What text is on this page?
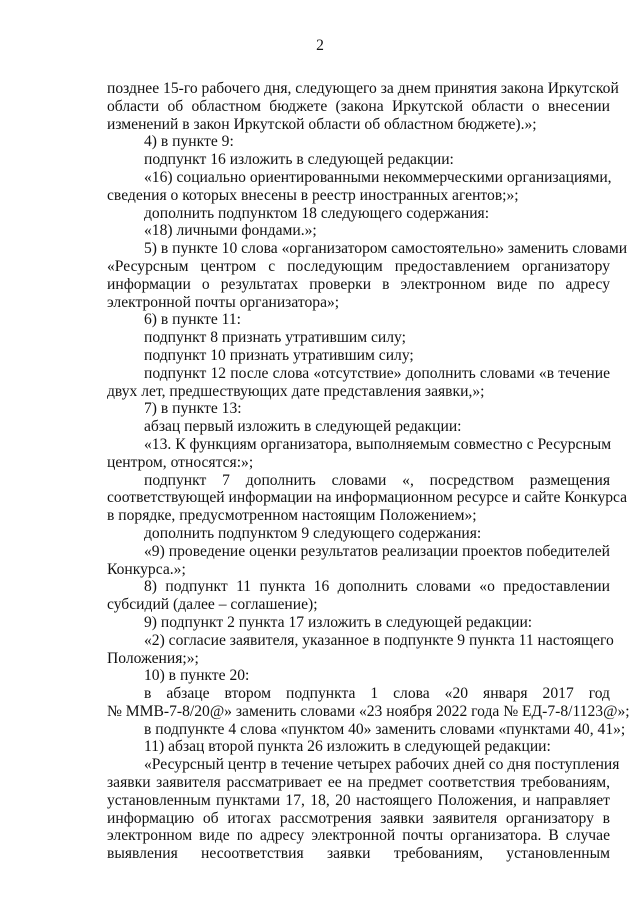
2
позднее 15-го рабочего дня, следующего за днем принятия закона Иркутской
области об областном бюджете (закона Иркутской области о внесении
изменений в закон Иркутской области об областном бюджете).»;
4) в пункте 9:
подпункт 16 изложить в следующей редакции:
«16) социально ориентированными некоммерческими организациями,
сведения о которых внесены в реестр иностранных агентов;»;
дополнить подпунктом 18 следующего содержания:
«18) личными фондами.»;
5) в пункте 10 слова «организатором самостоятельно» заменить словами
«Ресурсным центром с последующим предоставлением организатору
информации о результатах проверки в электронном виде по адресу
электронной почты организатора»;
6) в пункте 11:
подпункт 8 признать утратившим силу;
подпункт 10 признать утратившим силу;
подпункт 12 после слова «отсутствие» дополнить словами «в течение
двух лет, предшествующих дате представления заявки,»;
7) в пункте 13:
абзац первый изложить в следующей редакции:
«13. К функциям организатора, выполняемым совместно с Ресурсным
центром, относятся:»;
подпункт 7 дополнить словами «, посредством размещения
соответствующей информации на информационном ресурсе и сайте Конкурса
в порядке, предусмотренном настоящим Положением»;
дополнить подпунктом 9 следующего содержания:
«9) проведение оценки результатов реализации проектов победителей
Конкурса.»;
8) подпункт 11 пункта 16 дополнить словами «о предоставлении
субсидий (далее – соглашение);
9) подпункт 2 пункта 17 изложить в следующей редакции:
«2) согласие заявителя, указанное в подпункте 9 пункта 11 настоящего
Положения;»;
10) в пункте 20:
в абзаце втором подпункта 1 слова «20 января 2017 год
№ ММВ-7-8/20@» заменить словами «23 ноября 2022 года № ЕД-7-8/1123@»;
в подпункте 4 слова «пунктом 40» заменить словами «пунктами 40, 41»;
11) абзац второй пункта 26 изложить в следующей редакции:
«Ресурсный центр в течение четырех рабочих дней со дня поступления
заявки заявителя рассматривает ее на предмет соответствия требованиям,
установленным пунктами 17, 18, 20 настоящего Положения, и направляет
информацию об итогах рассмотрения заявки заявителя организатору в
электронном виде по адресу электронной почты организатора. В случае
выявления несоответствия заявки требованиям, установленным
